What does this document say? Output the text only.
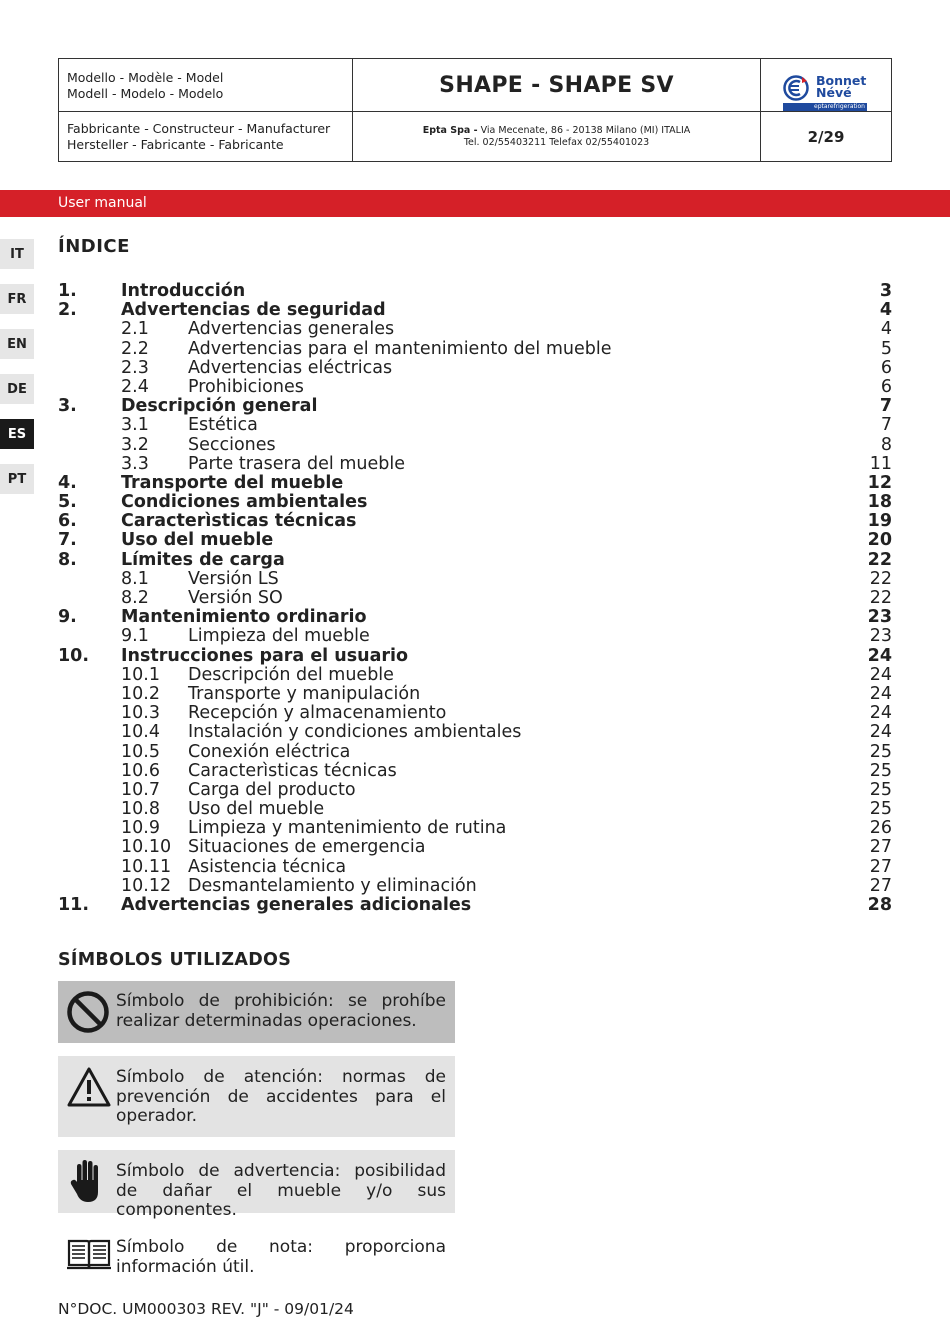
Modello - Modèle - Model
Modell - Modelo - Modelo	SHAPE - SHAPE SV	Bonnet
Névé
eptarefrigeration
Fabbricante - Constructeur - Manufacturer
Hersteller - Fabricante - Fabricante
Epta Spa - Via Mecenate, 86 - 20138 Milano (MI) ITALIA
Tel. 02/55403211 Telefax 02/55401023	2/29
User manual
IT
FR
EN
DE
ES
PT
ÍNDICE
1.	Introducción	3
2.	Advertencias de seguridad	4
2.1 Advertencias generales	4
2.2 Advertencias para el mantenimiento del mueble	5
2.3 Advertencias eléctricas	6
2.4 Prohibiciones	6
3.	Descripción general	7
3.1 Estética	7
3.2 Secciones	8
3.3 Parte trasera del mueble	11
4.	Transporte del mueble	12
5.	Condiciones ambientales	18
6.	Caracterìsticas técnicas	19
7.	Uso del mueble	20
8.	Límites de carga	22
8.1 Versión LS	22
8.2 Versión SO	22
9.	Mantenimiento ordinario	23
9.1 Limpieza del mueble	23
10. Instrucciones para el usuario	24
10.1 Descripción del mueble	24
10.2 Transporte y manipulación	24
10.3 Recepción y almacenamiento	24
10.4 Instalación y condiciones ambientales	24
10.5 Conexión eléctrica	25
10.6 Caracterìsticas técnicas	25
10.7 Carga del producto	25
10.8 Uso del mueble	25
10.9 Limpieza y mantenimiento de rutina	26
10.10 Situaciones de emergencia	27
10.11 Asistencia técnica	27
10.12 Desmantelamiento y eliminación	27
11. Advertencias generales adicionales	28
SÍMBOLOS UTILIZADOS
Símbolo de prohibición: se prohíbe realizar determinadas operaciones.
Símbolo de atención: normas de prevención de accidentes para el operador.
Símbolo de advertencia: posibilidad de dañar el mueble y/o sus componentes.
Símbolo de nota: proporciona información útil.
N°DOC. UM000303 REV. "J" - 09/01/24
